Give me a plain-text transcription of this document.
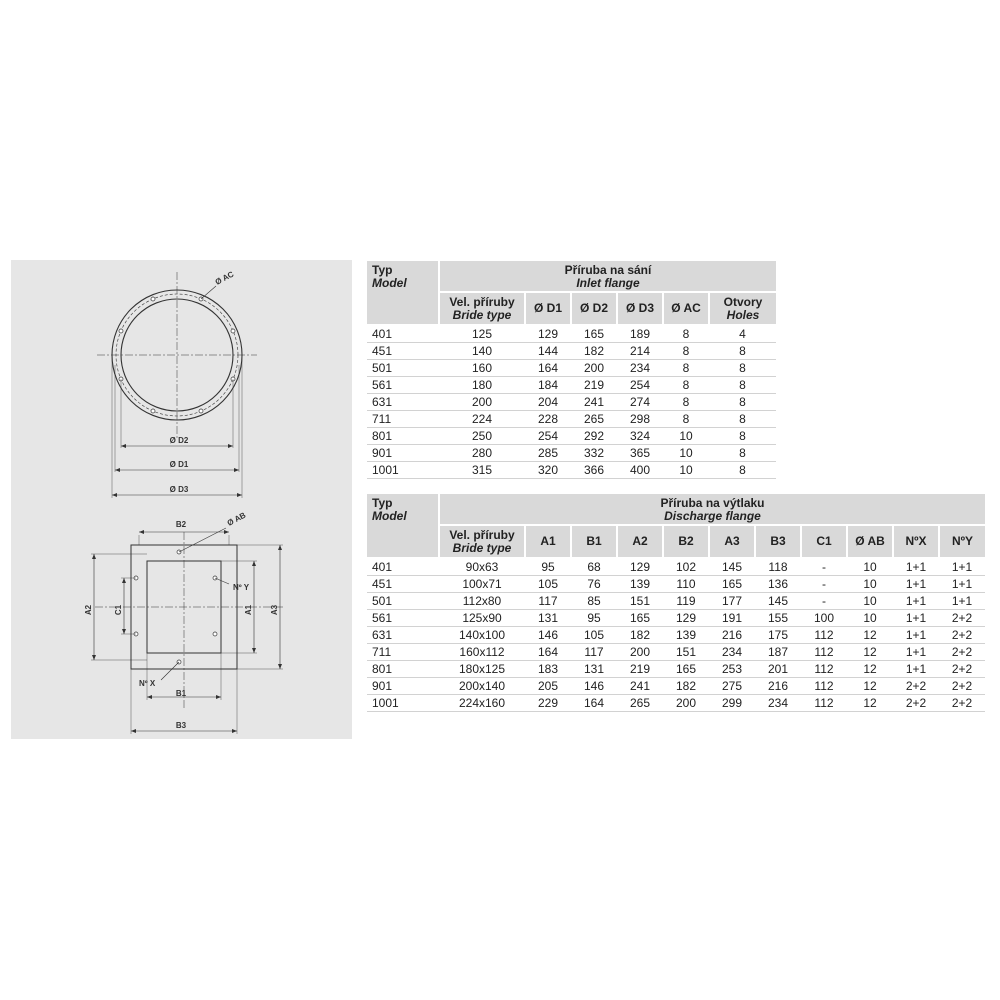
Ø AC
Ø D2
Ø D1
Ø D3
B2	Ø AB
Nº Y
Nº X
B1
B3
A2	C1	A1 A3
Typ
Model	Příruba na sání
Inlet flange					

	Vel. příruby
Bride type	Ø D1	Ø D2	Ø D3	Ø AC	Otvory
Holes

401	125	129	165	189	8	4
451	140	144	182	214	8	8
501	160	164	200	234	8	8
561	180	184	219	254	8	8
631	200	204	241	274	8	8
711	224	228	265	298	8	8
801	250	254	292	324	10	8
901	280	285	332	365	10	8
1001	315	320	366	400	10	8
Typ
Model	Příruba na výtlaku
Discharge flange										

	Vel. příruby
Bride type	A1	B1	A2	B2	A3	B3	C1	Ø AB	NºX	NºY
401	90x63	95	68	129	102	145	118	-	10	1+1	1+1
451	100x71	105	76	139	110	165	136	-	10	1+1	1+1
501	112x80	117	85	151	119	177	145	-	10	1+1	1+1
561	125x90	131	95	165	129	191	155	100	10	1+1	2+2
631	140x100	146	105	182	139	216	175	112	12	1+1	2+2
711	160x112	164	117	200	151	234	187	112	12	1+1	2+2
801	180x125	183	131	219	165	253	201	112	12	1+1	2+2
901	200x140	205	146	241	182	275	216	112	12	2+2	2+2
1001	224x160	229	164	265	200	299	234	112	12	2+2	2+2
